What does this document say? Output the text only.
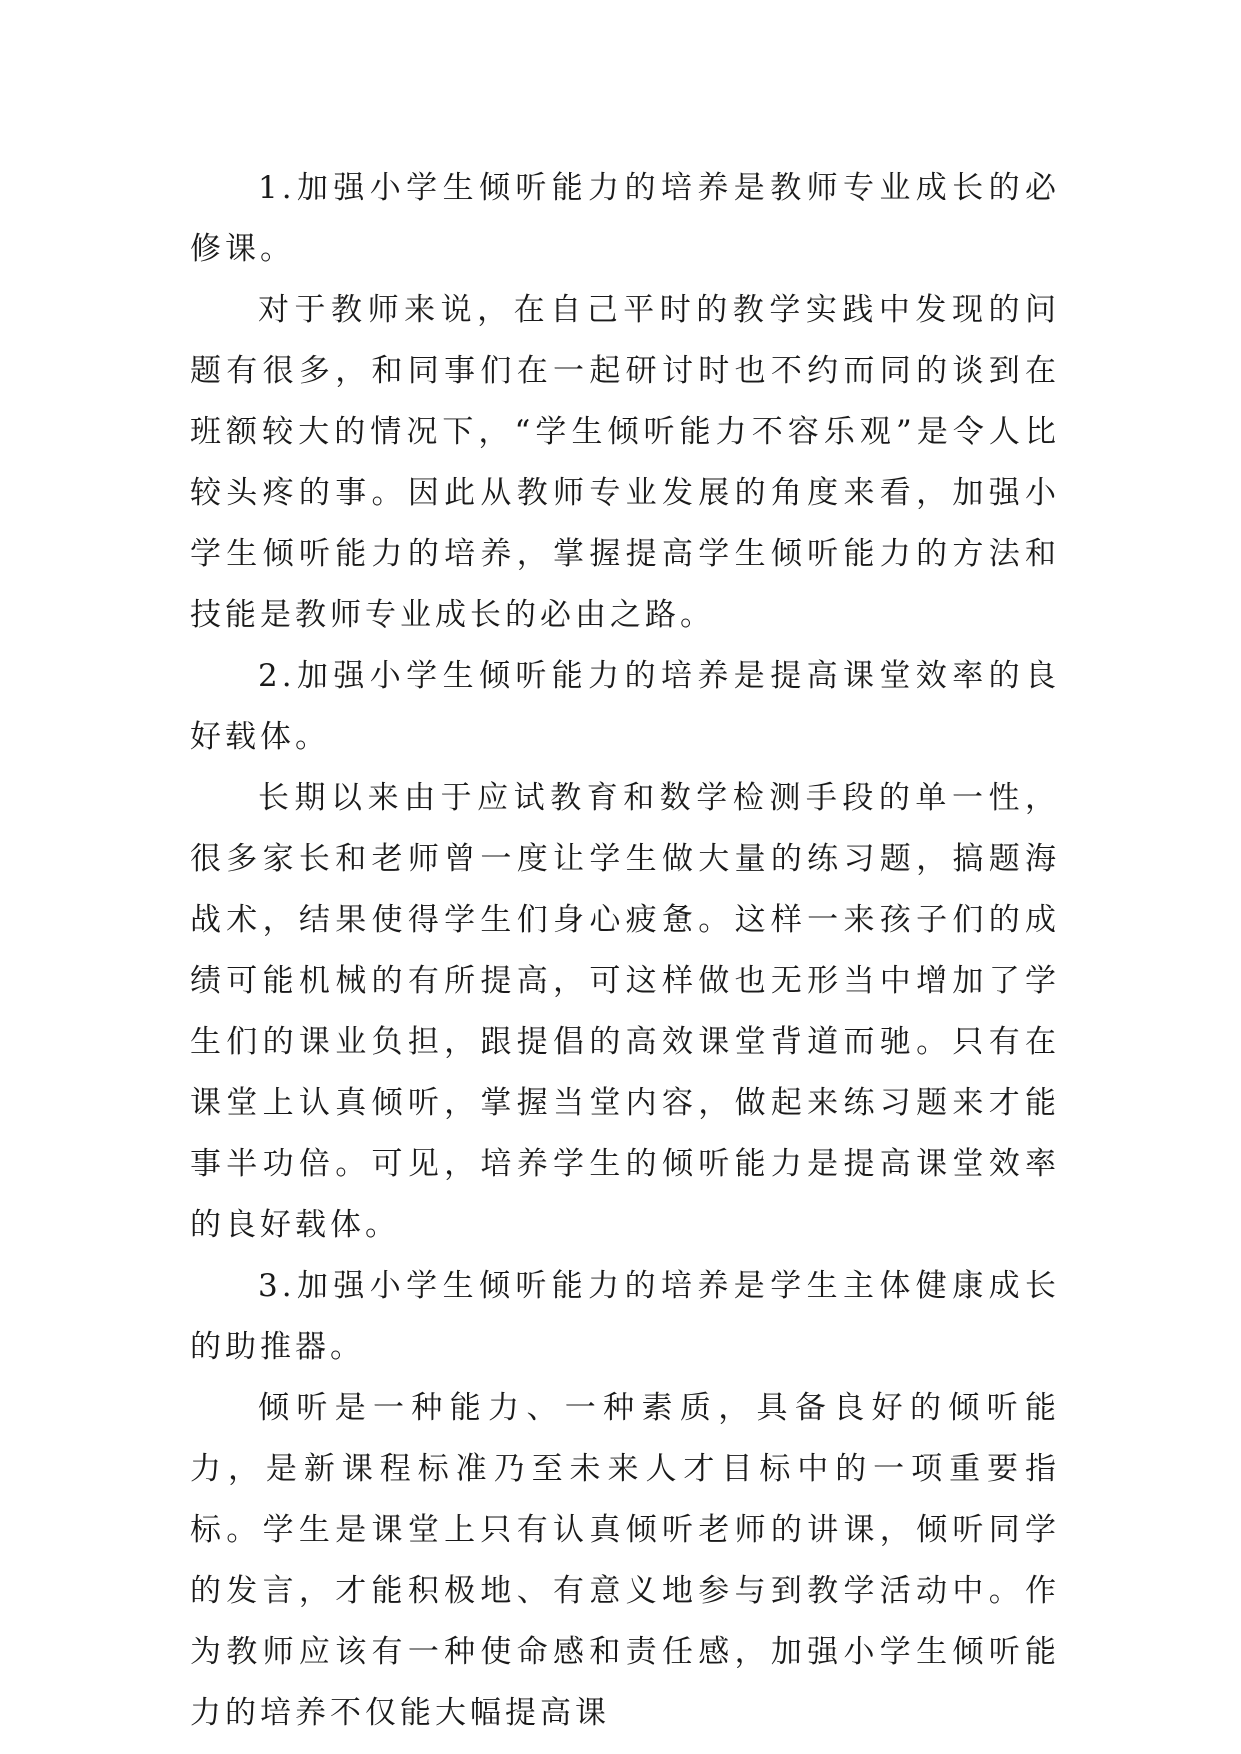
1.加强小学生倾听能力的培养是教师专业成长的必修课。

对于教师来说，在自己平时的教学实践中发现的问题有很多，和同事们在一起研讨时也不约而同的谈到在班额较大的情况下，“学生倾听能力不容乐观”是令人比较头疼的事。因此从教师专业发展的角度来看，加强小学生倾听能力的培养，掌握提高学生倾听能力的方法和技能是教师专业成长的必由之路。

2.加强小学生倾听能力的培养是提高课堂效率的良好载体。

长期以来由于应试教育和数学检测手段的单一性，很多家长和老师曾一度让学生做大量的练习题，搞题海战术，结果使得学生们身心疲惫。这样一来孩子们的成绩可能机械的有所提高，可这样做也无形当中增加了学生们的课业负担，跟提倡的高效课堂背道而驰。只有在课堂上认真倾听，掌握当堂内容，做起来练习题来才能事半功倍。可见，培养学生的倾听能力是提高课堂效率的良好载体。

3.加强小学生倾听能力的培养是学生主体健康成长的助推器。

倾听是一种能力、一种素质，具备良好的倾听能力，是新课程标准乃至未来人才目标中的一项重要指标。学生是课堂上只有认真倾听老师的讲课，倾听同学的发言，才能积极地、有意义地参与到教学活动中。作为教师应该有一种使命感和责任感，加强小学生倾听能力的培养不仅能大幅提高课
